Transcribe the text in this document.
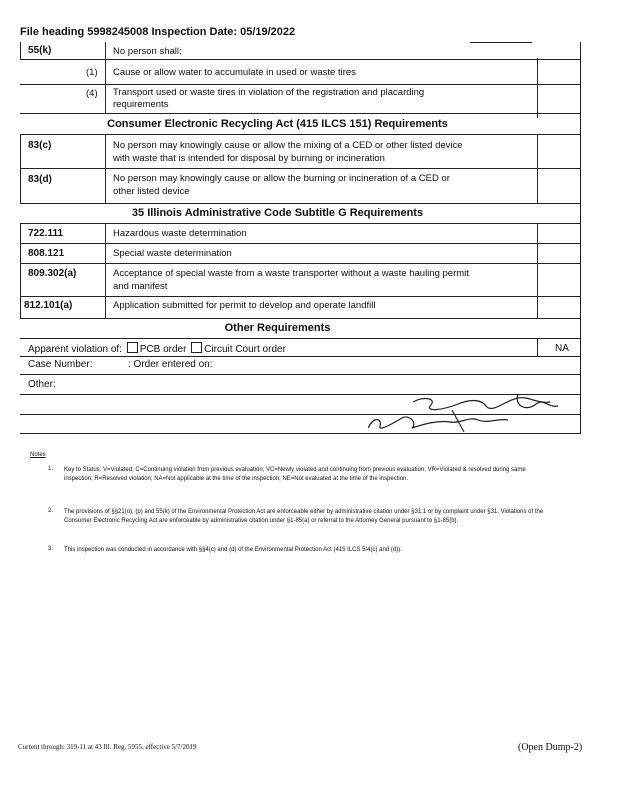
File heading 5998245008 Inspection Date: 05/19/2022
55(k)	No person shall:
(1) Cause or allow water to accumulate in used or waste tires
(4) Transport used or waste tires in violation of the registration and placarding
requirements
Consumer Electronic Recycling Act (415 ILCS 151) Requirements
83(c)	No person may knowingly cause or allow the mixing of a CED or other listed device
with waste that is intended for disposal by burning or incineration
83(d)	No person may knowingly cause or allow the burning or incineration of a CED or
other listed device
35 Illinois Administrative Code Subtitle G Requirements
722.111	Hazardous waste determination
808.121	Special waste determination
809.302(a)	Acceptance of special waste from a waste transporter without a waste hauling permit
and manifest
812.101(a)	Application submitted for permit to develop and operate landfill
Other Requirements
Apparent violation of: PCB order Circuit Court order	NA
Case Number:	: Order entered on:
Other:
Notes
1. Key to Status: V=Violated; C=Continuing violation from previous evaluation; VC=Newly violated and continuing from previous evaluation; VR=Violated & resolved during same inspection; R=Resolved violation; NA=Not applicable at the time of the inspection; NE=Not evaluated at the time of the inspection.
2. The provisions of §§21(o), (p) and 55(k) of the Environmental Protection Act are enforceable either by administrative citation under §31.1 or by complaint under §31. Violations of the Consumer Electronic Recycling Act are enforceable by administrative citation under §1-85(a) or referral to the Attorney General pursuant to §1-85(b).
3. This inspection was conducted in accordance with §§4(c) and (d) of the Environmental Protection Act (415 ILCS 5/4(c) and (d)).
Current through: 319-11 at 43 Ill. Reg. 5955, effective 5/7/2019	(Open Dump-2)
